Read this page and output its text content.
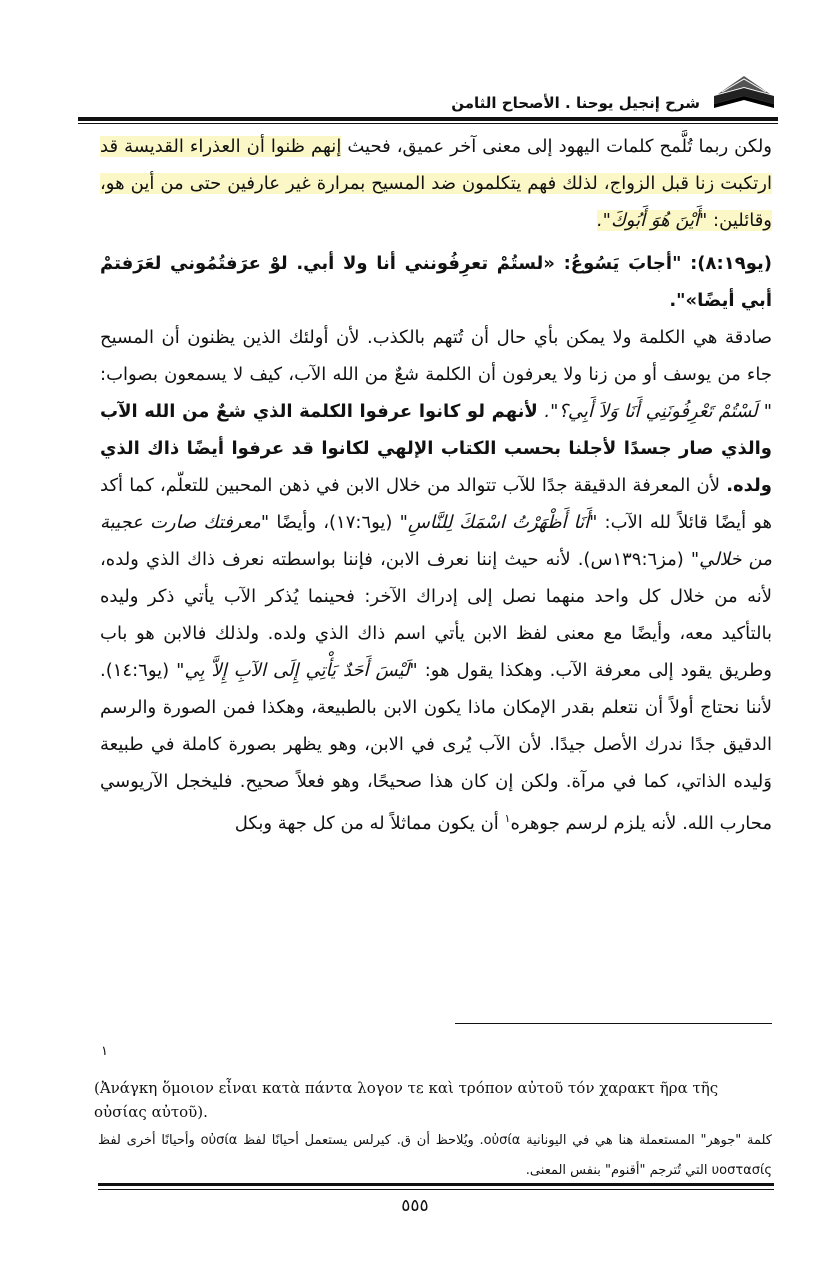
شرح إنجيل يوحنا . الأصحاح الثامن

ولكن ربما تُلَّمح كلمات اليهود إلى معنى آخر عميق، فحيث إنهم ظنوا أن العذراء القديسة قد ارتكبت زنا قبل الزواج، لذلك فهم يتكلمون ضد المسيح بمرارة غير عارفين حتى من أين هو، وقائلين: "أَيْنَ هُوَ أَبُوكَ".

(يو٨:١٩): "أجابَ يَسُوعُ: «لستُمْ تعرِفُونني أنا ولا أبي. لوْ عرَفتُمُوني لعَرَفتمْ أبي أيضًا»".

صادقة هي الكلمة ولا يمكن بأي حال أن تُتهم بالكذب. لأن أولئك الذين يظنون أن المسيح جاء من يوسف أو من زنا ولا يعرفون أن الكلمة شعٌ من الله الآب، كيف لا يسمعون بصواب: " لَسْتُمْ تَعْرِفُونَنِي أَنَا وَلاَ أَبِي؟". لأنهم لو كانوا عرفوا الكلمة الذي شعٌ من الله الآب والذي صار جسدًا لأجلنا بحسب الكتاب الإلهي لكانوا قد عرفوا أيضًا ذاك الذي ولده. لأن المعرفة الدقيقة جدًا للآب تتوالد من خلال الابن في ذهن المحبين للتعلّم، كما أكد هو أيضًا قائلاً لله الآب: "أَنَا أَظْهَرْتُ اسْمَكَ لِلنَّاسِ" (يو١٧:٦)، وأيضًا "معرفتك صارت عجيبة من خلالي" (مز١٣٩:٦س). لأنه حيث إننا نعرف الابن، فإننا بواسطته نعرف ذاك الذي ولده، لأنه من خلال كل واحد منهما نصل إلى إدراك الآخر: فحينما يُذكر الآب يأتي ذكر وليده بالتأكيد معه، وأيضًا مع معنى لفظ الابن يأتي اسم ذاك الذي ولده. ولذلك فالابن هو باب وطريق يقود إلى معرفة الآب. وهكذا يقول هو: "لَيْسَ أَحَدٌ يَأْتِي إِلَى الآبِ إِلاَّ بِي" (يو١٤:٦). لأننا نحتاج أولاً أن نتعلم بقدر الإمكان ماذا يكون الابن بالطبيعة، وهكذا فمن الصورة والرسم الدقيق جدًا ندرك الأصل جيدًا. لأن الآب يُرى في الابن، وهو يظهر بصورة كاملة في طبيعة وَليده الذاتي، كما في مرآة. ولكن إن كان هذا صحيحًا، وهو فعلاً صحيح. فليخجل الآريوسي محارب الله. لأنه يلزم لرسم جوهره$^١$ أن يكون مماثلاً له من كل جهة وبكل

١
(Ἀνάγκη ὅμοιον εἶναι κατὰ πάντα λογον τε καὶ τρόπον αὐτοῦ τόν χαρακτ ῆρα τῆς οὐσίας αὐτοῦ).
كلمة "جوهر" المستعملة هنا هي في اليونانية οὐσία. ويُلاحظ أن ق. كيرلس يستعمل أحيانًا لفظ οὐσία وأحيانًا أخرى لفظ υοστασίς التي تُترجم "أقنوم" بنفس المعنى.
٥٥٥
